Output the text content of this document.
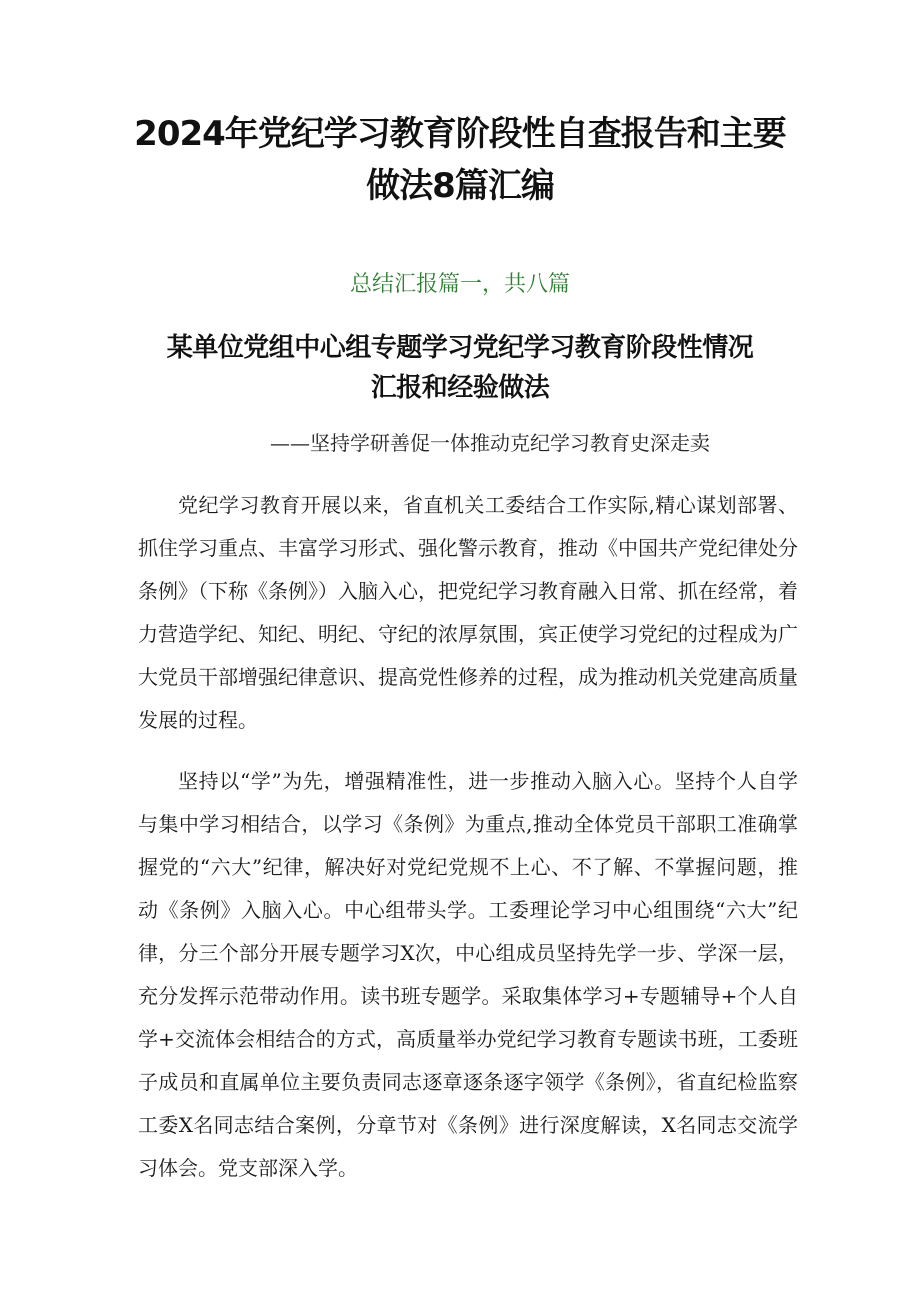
2024年党纪学习教育阶段性自查报告和主要做法8篇汇编
总结汇报篇一，共八篇
某单位党组中心组专题学习党纪学习教育阶段性情况汇报和经验做法
——坚持学研善促一体推动克纪学习教育史深走卖

党纪学习教育开展以来，省直机关工委结合工作实际,精心谋划部署、抓住学习重点、丰富学习形式、强化警示教育，推动《中国共产党纪律处分条例》（下称《条例》）入脑入心，把党纪学习教育融入日常、抓在经常，着力营造学纪、知纪、明纪、守纪的浓厚氛围，宾正使学习党纪的过程成为广大党员干部增强纪律意识、提高党性修养的过程，成为推动机关党建高质量发展的过程。

坚持以“学”为先，增强精准性，进一步推动入脑入心。坚持个人自学与集中学习相结合，以学习《条例》为重点,推动全体党员干部职工准确掌握党的“六大”纪律，解决好对党纪党规不上心、不了解、不掌握问题，推动《条例》入脑入心。中心组带头学。工委理论学习中心组围绕“六大”纪律，分三个部分开展专题学习X次，中心组成员坚持先学一步、学深一层，充分发挥示范带动作用。读书班专题学。采取集体学习+专题辅导+个人自学+交流体会相结合的方式，高质量举办党纪学习教育专题读书班，工委班子成员和直属单位主要负责同志逐章逐条逐字领学《条例》，省直纪检监察工委X名同志结合案例，分章节对《条例》进行深度解读，X名同志交流学习体会。党支部深入学。
